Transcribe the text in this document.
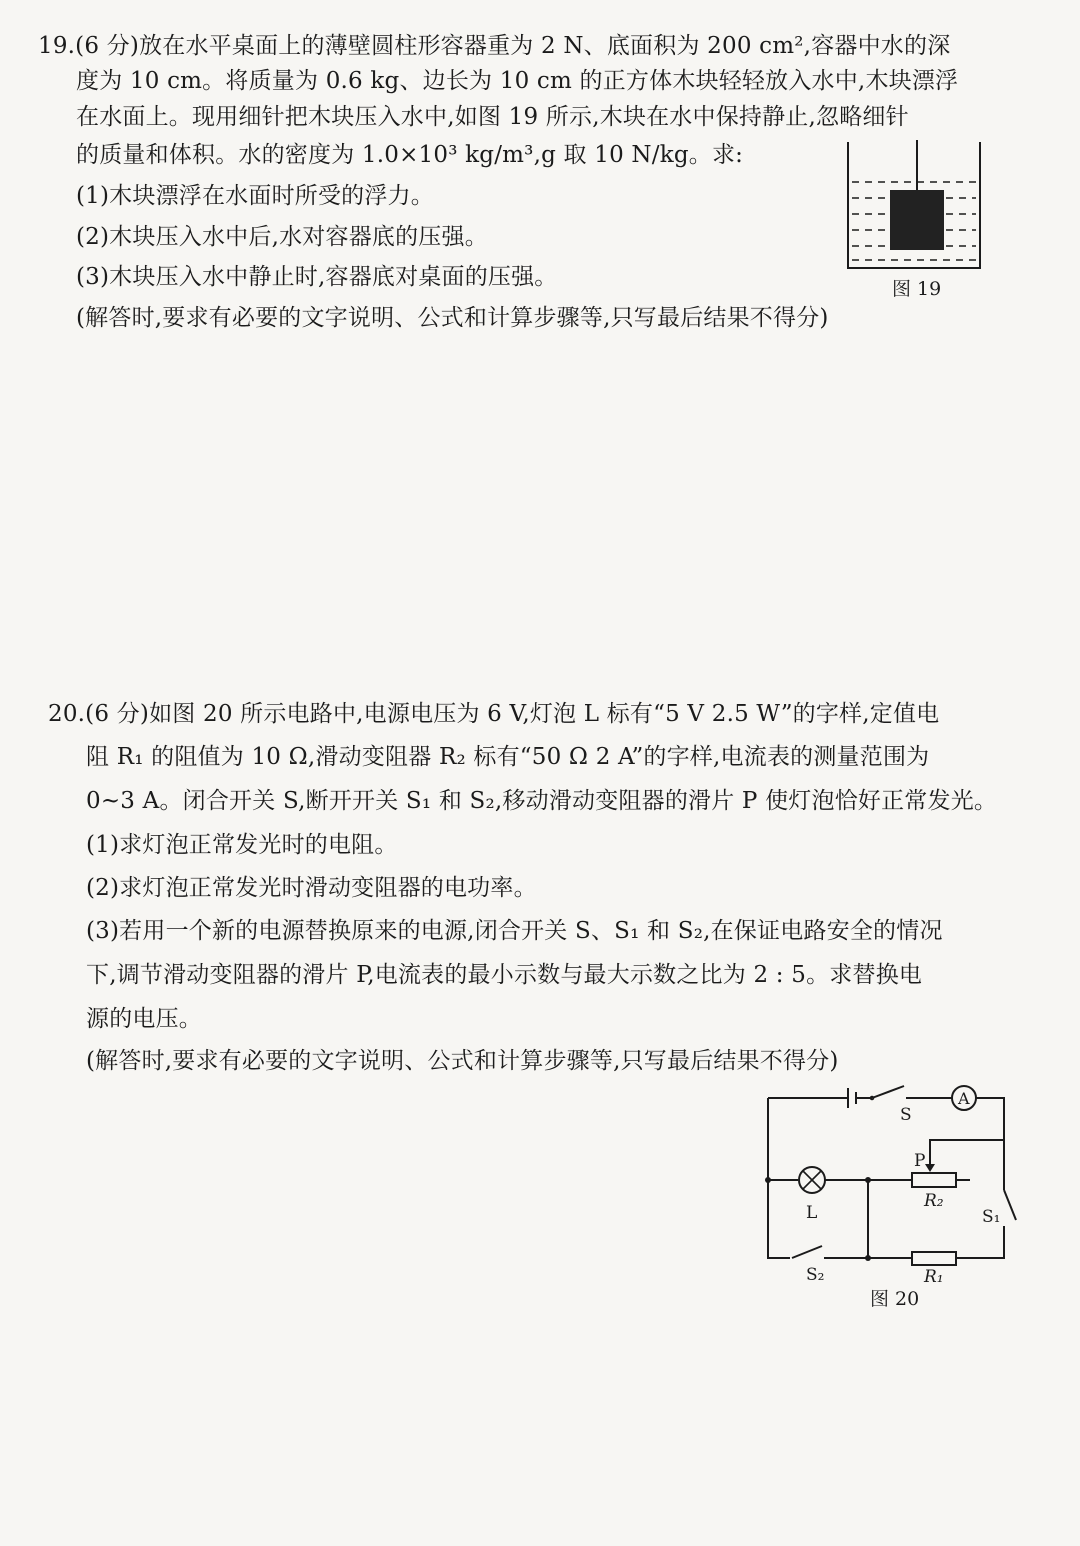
19.(6 分)放在水平桌面上的薄壁圆柱形容器重为 2 N、底面积为 200 cm²,容器中水的深
度为 10 cm。将质量为 0.6 kg、边长为 10 cm 的正方体木块轻轻放入水中,木块漂浮
在水面上。现用细针把木块压入水中,如图 19 所示,木块在水中保持静止,忽略细针
的质量和体积。水的密度为 1.0×10³ kg/m³,g 取 10 N/kg。求:
(1)木块漂浮在水面时所受的浮力。
(2)木块压入水中后,水对容器底的压强。
(3)木块压入水中静止时,容器底对桌面的压强。
(解答时,要求有必要的文字说明、公式和计算步骤等,只写最后结果不得分)
图 19
20.(6 分)如图 20 所示电路中,电源电压为 6 V,灯泡 L 标有“5 V 2.5 W”的字样,定值电
阻 R₁ 的阻值为 10 Ω,滑动变阻器 R₂ 标有“50 Ω 2 A”的字样,电流表的测量范围为
0~3 A。闭合开关 S,断开开关 S₁ 和 S₂,移动滑动变阻器的滑片 P 使灯泡恰好正常发光。
(1)求灯泡正常发光时的电阻。
(2)求灯泡正常发光时滑动变阻器的电功率。
(3)若用一个新的电源替换原来的电源,闭合开关 S、S₁ 和 S₂,在保证电路安全的情况
下,调节滑动变阻器的滑片 P,电流表的最小示数与最大示数之比为 2 : 5。求替换电
源的电压。
(解答时,要求有必要的文字说明、公式和计算步骤等,只写最后结果不得分)
S
A
P
R₂
L	S₁
S₂	R₁
图 20
